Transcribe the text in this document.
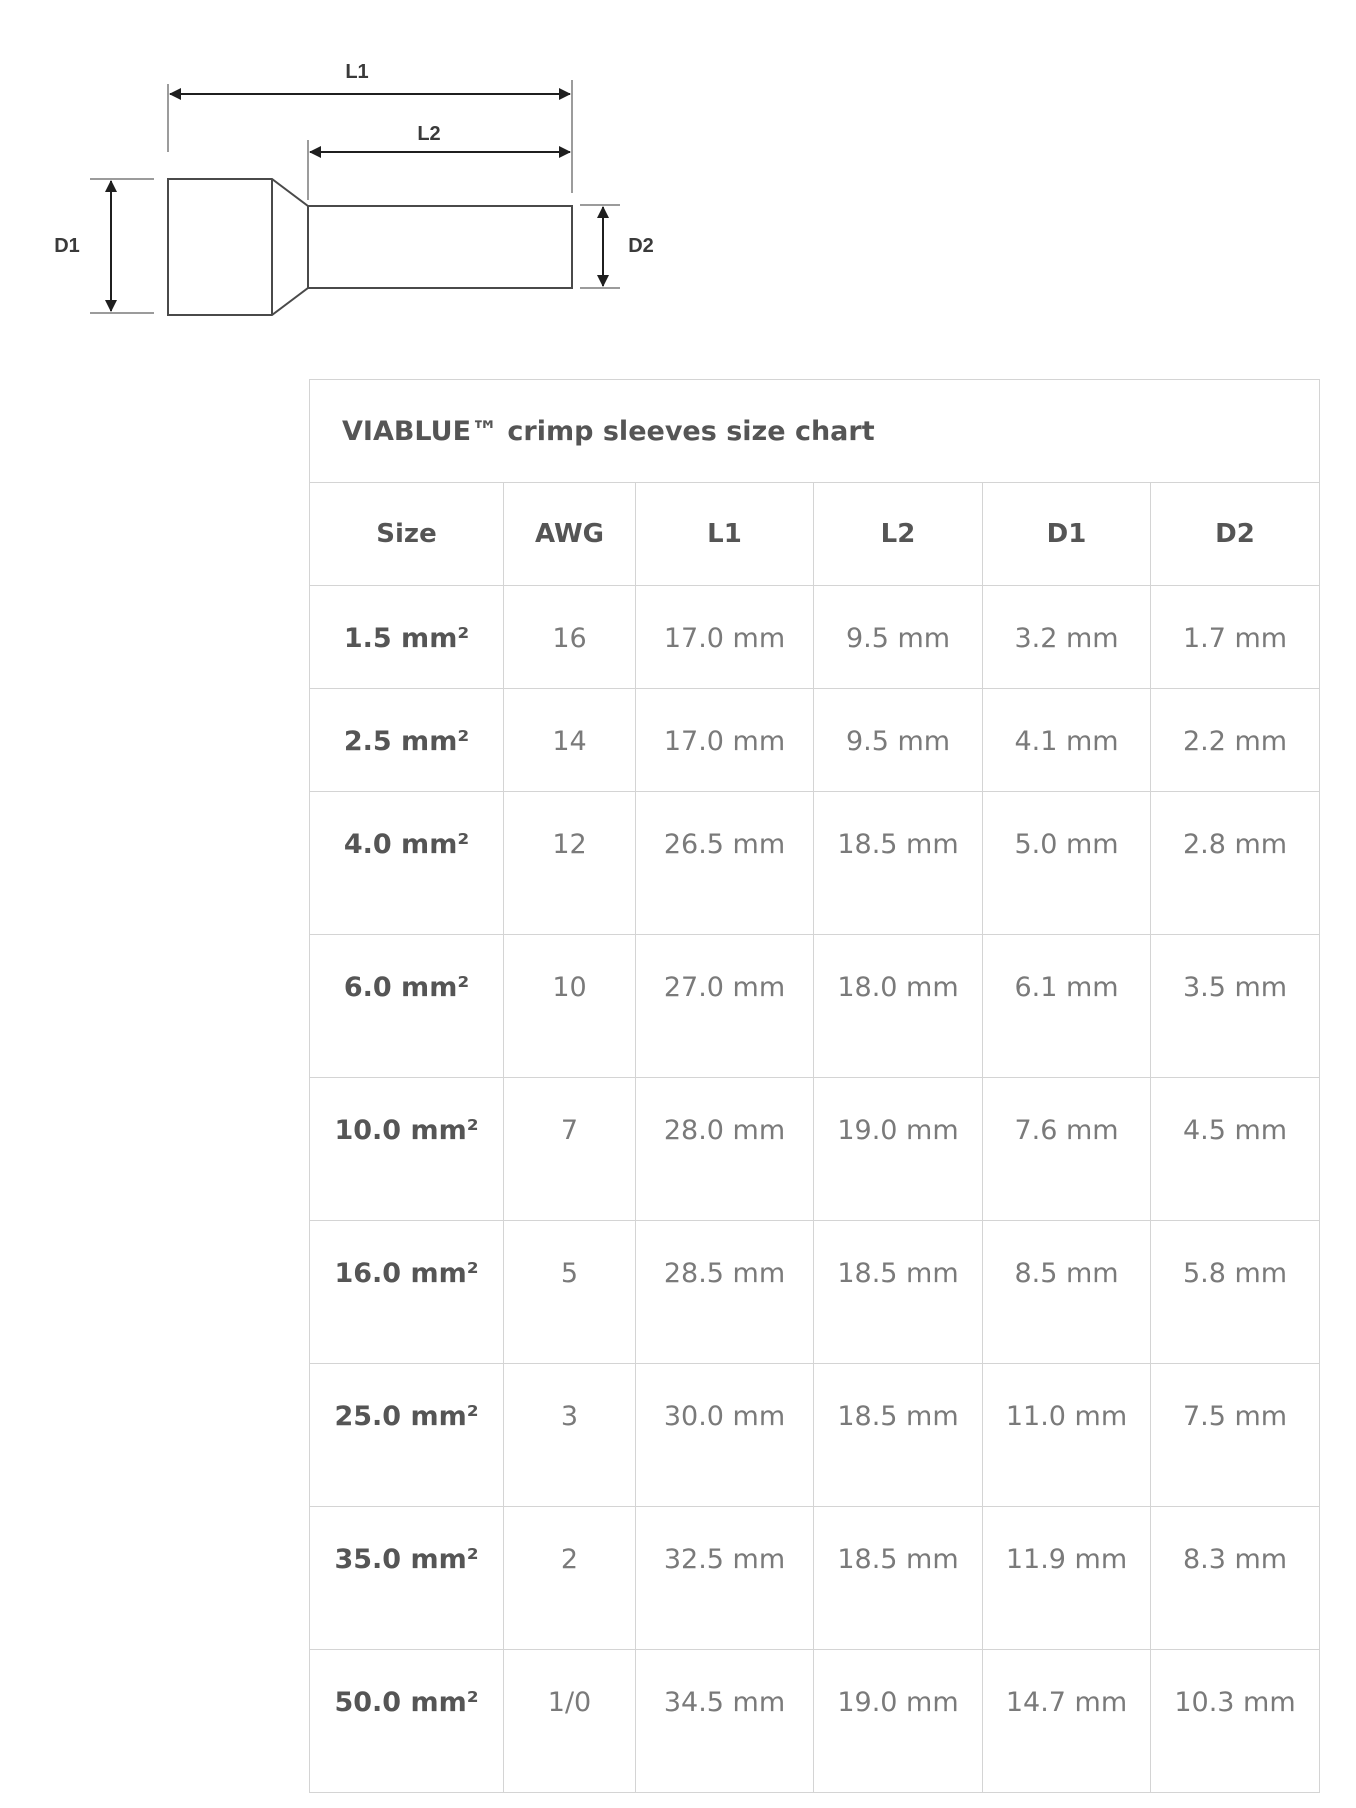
L1
L2
D1	D2
VIABLUE™ crimp sleeves size chart					
Size	AWG	L1	L2	D1	D2
1.5 mm²	16	17.0 mm	9.5 mm	3.2 mm	1.7 mm
2.5 mm²	14	17.0 mm	9.5 mm	4.1 mm	2.2 mm
4.0 mm²	12	26.5 mm	18.5 mm	5.0 mm	2.8 mm
6.0 mm²	10	27.0 mm	18.0 mm	6.1 mm	3.5 mm
10.0 mm²	7	28.0 mm	19.0 mm	7.6 mm	4.5 mm
16.0 mm²	5	28.5 mm	18.5 mm	8.5 mm	5.8 mm
25.0 mm²	3	30.0 mm	18.5 mm	11.0 mm	7.5 mm
35.0 mm²	2	32.5 mm	18.5 mm	11.9 mm	8.3 mm
50.0 mm²	1/0	34.5 mm	19.0 mm	14.7 mm	10.3 mm
